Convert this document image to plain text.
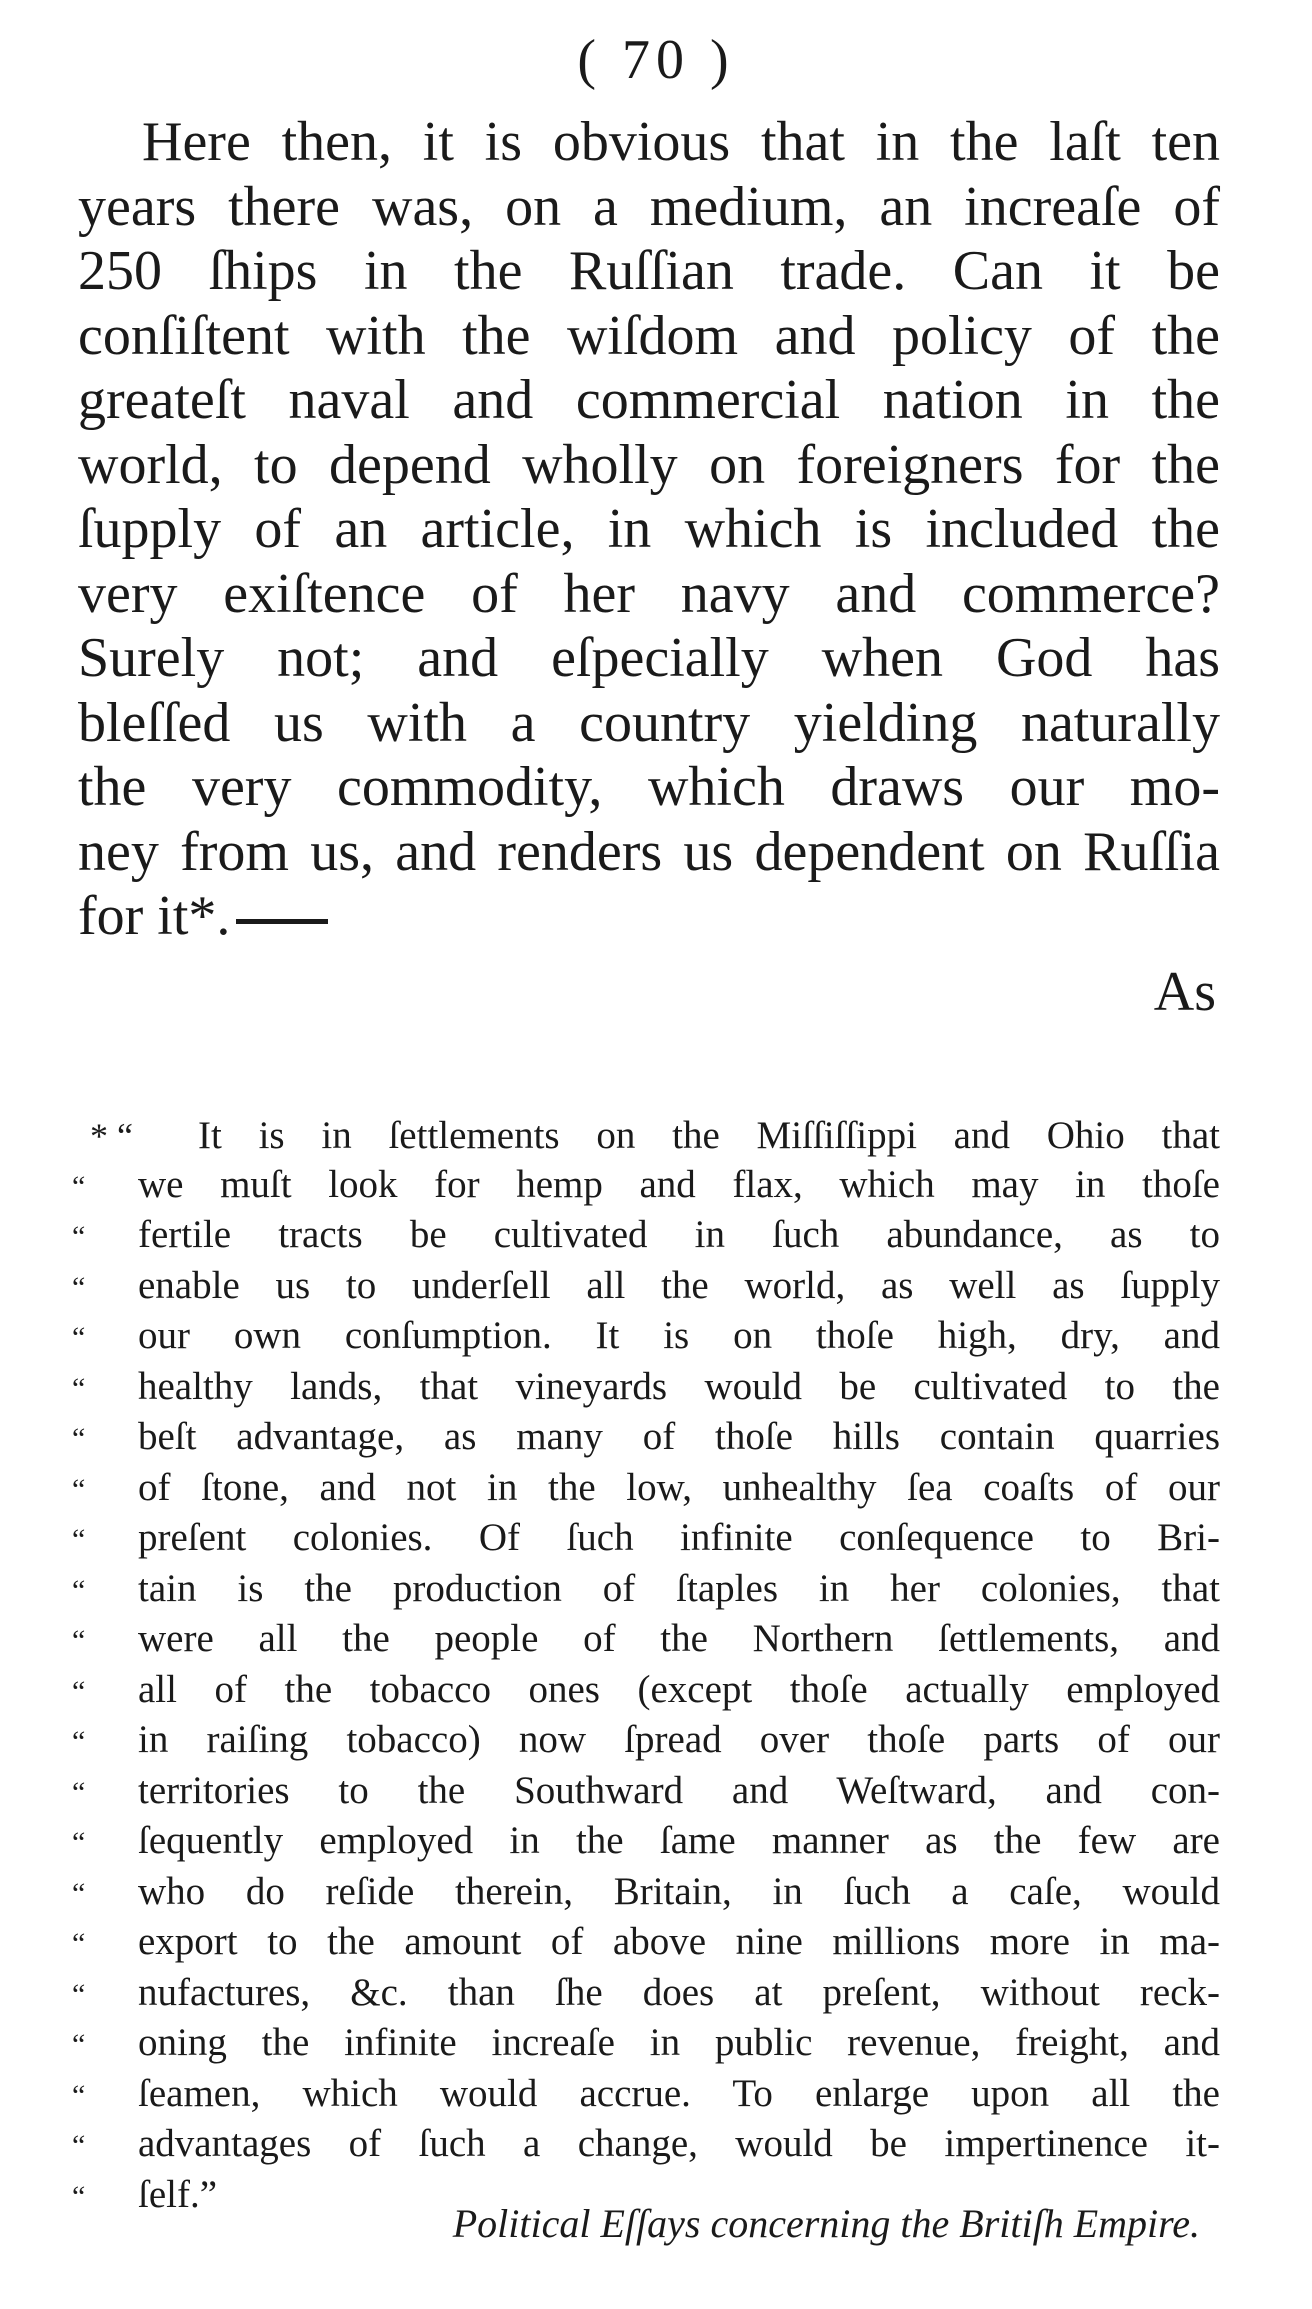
( 70 )
Here then, it is obvious that in the laſt ten
years there was, on a medium, an increaſe of
250 ſhips in the Ruſſian trade. Can it be
conſiſtent with the wiſdom and policy of the
greateſt naval and commercial nation in the
world, to depend wholly on foreigners for the
ſupply of an article, in which is included the
very exiſtence of her navy and commerce?
Surely not; and eſpecially when God has
bleſſed us with a country yielding naturally
the very commodity, which draws our mo-
ney from us, and renders us dependent on Ruſſia
for it*.
As
* “	It is in ſettlements on the Miſſiſſippi and Ohio that
“	we muſt look for hemp and flax, which may in thoſe
“	fertile tracts be cultivated in ſuch abundance, as to
“	enable us to underſell all the world, as well as ſupply
“	our own conſumption. It is on thoſe high, dry, and
“	healthy lands, that vineyards would be cultivated to the
“	beſt advantage, as many of thoſe hills contain quarries
“	of ſtone, and not in the low, unhealthy ſea coaſts of our
“	preſent colonies. Of ſuch infinite conſequence to Bri-
“	tain is the production of ſtaples in her colonies, that
“	were all the people of the Northern ſettlements, and
“	all of the tobacco ones (except thoſe actually employed
“	in raiſing tobacco) now ſpread over thoſe parts of our
“	territories to the Southward and Weſtward, and con-
“	ſequently employed in the ſame manner as the few are
“	who do reſide therein, Britain, in ſuch a caſe, would
“	export to the amount of above nine millions more in ma-
“	nufactures, &c. than ſhe does at preſent, without reck-
“	oning the infinite increaſe in public revenue, freight, and
“	ſeamen, which would accrue. To enlarge upon all the
“	advantages of ſuch a change, would be impertinence it-
“	ſelf.”
Political Eſſays concerning the Britiſh Empire.
